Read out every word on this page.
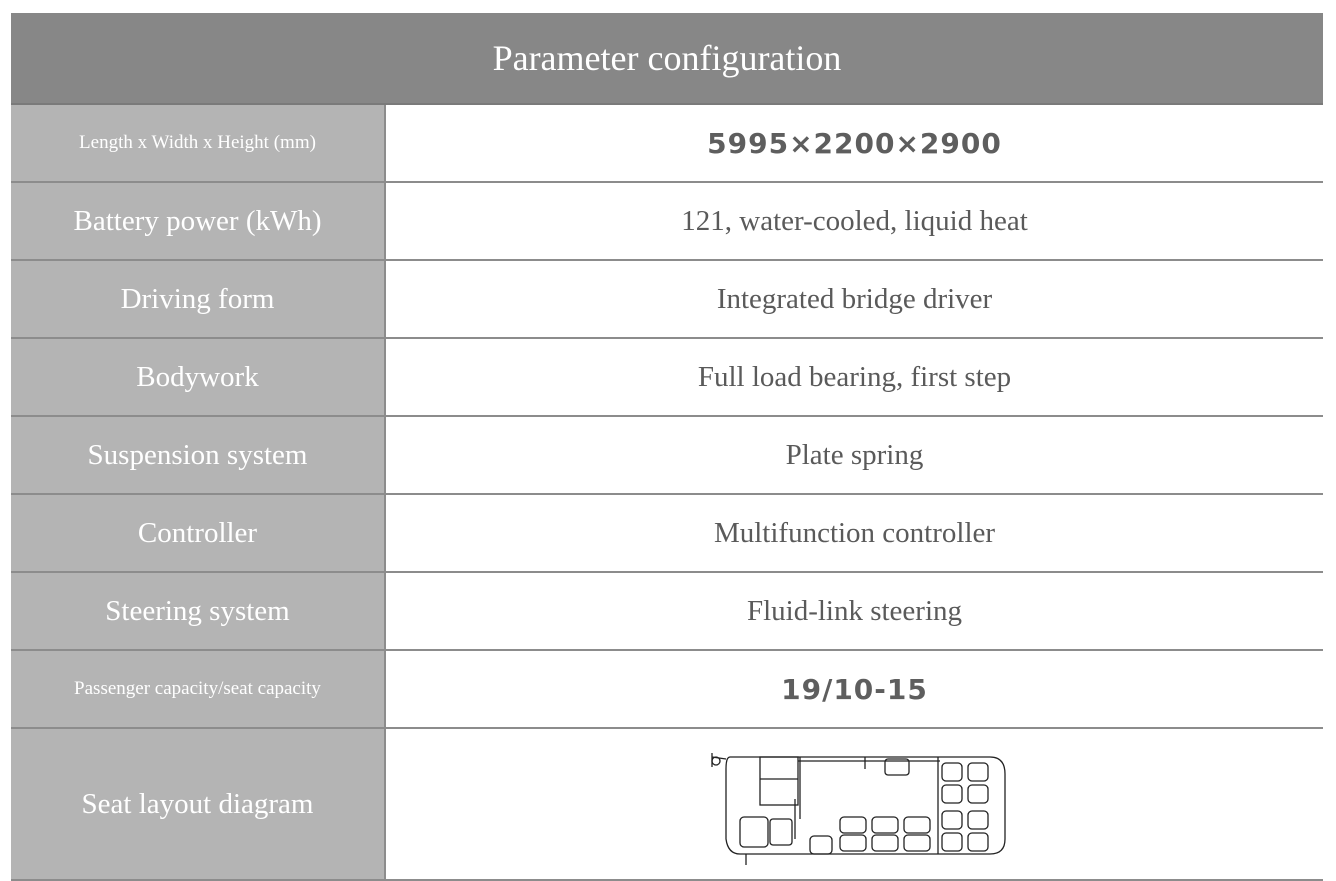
Parameter configuration
Length x Width x Height (mm)	5995×2200×2900
Battery power (kWh)	121, water-cooled, liquid heat
Driving form	Integrated bridge driver
Bodywork	Full load bearing, first step
Suspension system	Plate spring
Controller	Multifunction controller
Steering system	Fluid-link steering
Passenger capacity/seat capacity	19/10-15
Seat layout diagram
